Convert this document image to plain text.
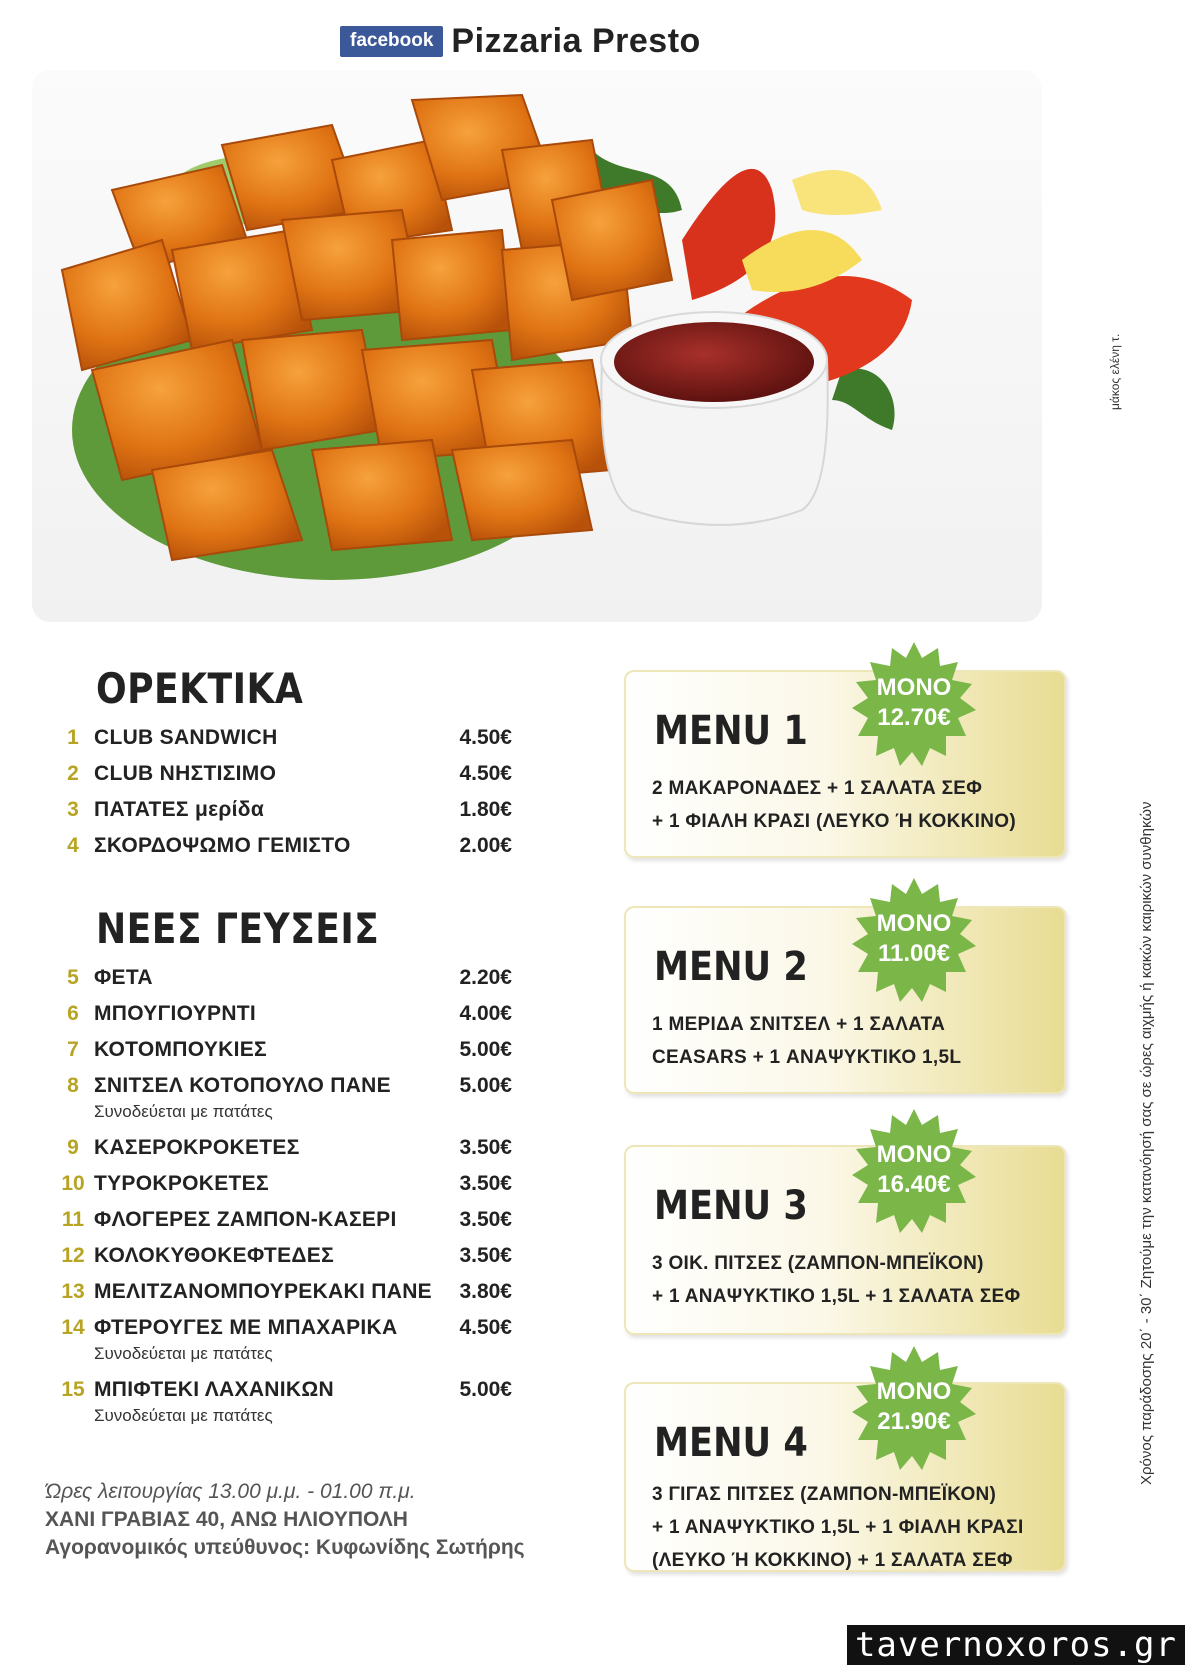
facebook Pizzaria Presto
μάκος ελένη τ.
Χρόνος παράδοσης 20΄ - 30΄ Ζητούμε την κατανόησή σας σε ώρες αιχμής ή κακών καιρικών συνθηκών
ΟΡΕΚΤΙΚΑ
1 CLUB SANDWICH	4.50€
2 CLUB ΝΗΣΤΙΣΙΜΟ	4.50€
3 ΠΑΤΑΤΕΣ μερίδα	1.80€
4 ΣΚΟΡΔΟΨΩΜΟ ΓΕΜΙΣΤΟ	2.00€
ΝΕΕΣ ΓΕΥΣΕΙΣ
5 ΦΕΤΑ	2.20€
6 ΜΠΟΥΓΙΟΥΡΝΤΙ	4.00€
7 ΚΟΤΟΜΠΟΥΚΙΕΣ	5.00€
8 ΣΝΙΤΣΕΛ ΚΟΤΟΠΟΥΛΟ ΠΑΝΕ	5.00€
Συνοδεύεται με πατάτες
9 ΚΑΣΕΡΟΚΡΟΚΕΤΕΣ	3.50€
10 ΤΥΡΟΚΡΟΚΕΤΕΣ	3.50€
11 ΦΛΟΓΕΡΕΣ ΖΑΜΠΟΝ-ΚΑΣΕΡΙ	3.50€
12 ΚΟΛΟΚΥΘΟΚΕΦΤΕΔΕΣ	3.50€
13 ΜΕΛΙΤΖΑΝΟΜΠΟΥΡΕΚΑΚΙ ΠΑΝΕ	3.80€
14 ΦΤΕΡΟΥΓΕΣ ΜΕ ΜΠΑΧΑΡΙΚΑ	4.50€
Συνοδεύεται με πατάτες
15 ΜΠΙΦΤΕΚΙ ΛΑΧΑΝΙΚΩΝ	5.00€
Συνοδεύεται με πατάτες
Ώρες λειτουργίας 13.00 μ.μ. - 01.00 π.μ.
ΧΑΝΙ ΓΡΑΒΙΑΣ 40, ΑΝΩ ΗΛΙΟΥΠΟΛΗ
Αγορανομικός υπεύθυνος: Κυφωνίδης Σωτήρης
MENU 1
2 ΜΑΚΑΡΟΝΑΔΕΣ + 1 ΣΑΛΑΤΑ ΣΕΦ
+ 1 ΦΙΑΛΗ ΚΡΑΣΙ (ΛΕΥΚΟ Ή ΚΟΚΚΙΝΟ)
ΜΟΝΟ
12.70€
MENU 2
1 ΜΕΡΙΔΑ ΣΝΙΤΣΕΛ + 1 ΣΑΛΑΤΑ
CEASARS + 1 ΑΝΑΨΥΚΤΙΚΟ 1,5L
ΜΟΝΟ
11.00€
MENU 3
3 ΟΙΚ. ΠΙΤΣΕΣ (ΖΑΜΠΟΝ-ΜΠΕΪΚΟΝ)
+ 1 ΑΝΑΨΥΚΤΙΚΟ 1,5L + 1 ΣΑΛΑΤΑ ΣΕΦ
ΜΟΝΟ
16.40€
MENU 4
3 ΓΙΓΑΣ ΠΙΤΣΕΣ (ΖΑΜΠΟΝ-ΜΠΕΪΚΟΝ)
+ 1 ΑΝΑΨΥΚΤΙΚΟ 1,5L + 1 ΦΙΑΛΗ ΚΡΑΣΙ
(ΛΕΥΚΟ Ή ΚΟΚΚΙΝΟ) + 1 ΣΑΛΑΤΑ ΣΕΦ
ΜΟΝΟ
21.90€
tavernoxoros.gr
